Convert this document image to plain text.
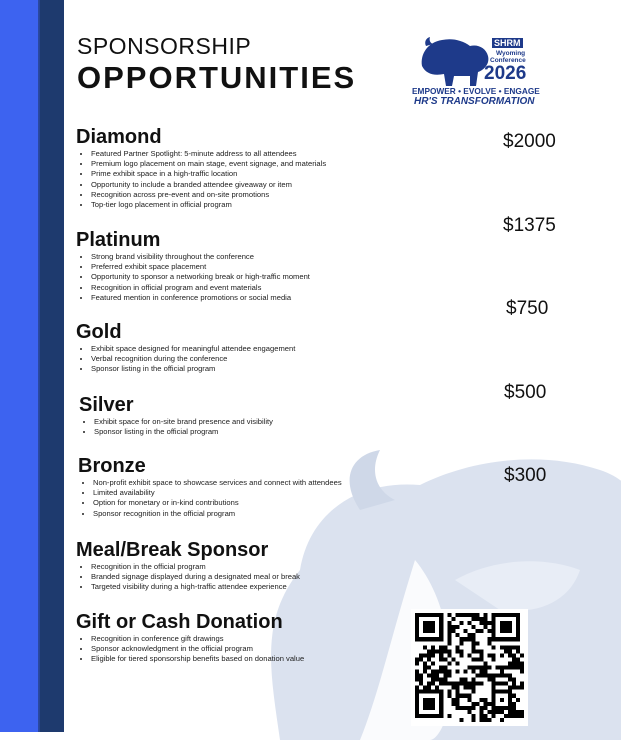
SPONSORSHIP
OPPORTUNITIES
SHRM
Wyoming
Conference
2026
EMPOWER • EVOLVE • ENGAGE
HR'S TRANSFORMATION
Diamond
• Featured Partner Spotlight: 5-minute address to all attendees
• Premium logo placement on main stage, event signage, and materials
• Prime exhibit space in a high-traffic location
• Opportunity to include a branded attendee giveaway or item
• Recognition across pre-event and on-site promotions
• Top-tier logo placement in official program
$2000
Platinum
• Strong brand visibility throughout the conference
• Preferred exhibit space placement
• Opportunity to sponsor a networking break or high-traffic moment
• Recognition in official program and event materials
• Featured mention in conference promotions or social media
$1375
Gold
• Exhibit space designed for meaningful attendee engagement
• Verbal recognition during the conference
• Sponsor listing in the official program
$750
Silver
• Exhibit space for on-site brand presence and visibility
• Sponsor listing in the official program
$500
Bronze
• Non-profit exhibit space to showcase services and connect with attendees
• Limited availability
• Option for monetary or in-kind contributions
• Sponsor recognition in the official program
$300
Meal/Break Sponsor
• Recognition in the official program
• Branded signage displayed during a designated meal or break
• Targeted visibility during a high-traffic attendee experience
Gift or Cash Donation
• Recognition in conference gift drawings
• Sponsor acknowledgment in the official program
• Eligible for tiered sponsorship benefits based on donation value
